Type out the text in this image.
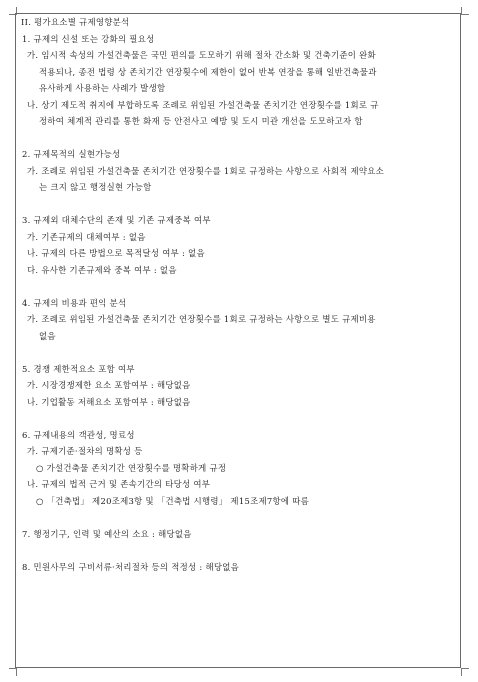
II. 평가요소별 규제영향분석
1. 규제의 신설 또는 강화의 필요성
가. 임시적 속성의 가설건축물은 국민 편의를 도모하기 위해 절차 간소화 및 건축기준이 완화
적용되나, 종전 법령 상 존치기간 연장횟수에 제한이 없어 반복 연장을 통해 일반건축물과
유사하게 사용하는 사례가 발생함
나. 상기 제도적 취지에 부합하도록 조례로 위임된 가설건축물 존치기간 연장횟수를 1회로 규
정하여 체계적 관리를 통한 화재 등 안전사고 예방 및 도시 미관 개선을 도모하고자 함
2. 규제목적의 실현가능성
가. 조례로 위임된 가설건축물 존치기간 연장횟수를 1회로 규정하는 사항으로 사회적 제약요소
는 크지 않고 행정실현 가능함
3. 규제외 대체수단의 존재 및 기존 규제중복 여부
가. 기존규제의 대체여부 : 없음
나. 규제의 다른 방법으로 목적달성 여부 : 없음
다. 유사한 기존규제와 중복 여부 : 없음
4. 규제의 비용과 편익 분석
가. 조례로 위임된 가설건축물 존치기간 연장횟수를 1회로 규정하는 사항으로 별도 규제비용
없음
5. 경쟁 제한적요소 포함 여부
가. 시장경쟁제한 요소 포함여부 : 해당없음
나. 기업활동 저해요소 포함여부 : 해당없음
6. 규제내용의 객관성, 명료성
가. 규제기준·절차의 명확성 등
○ 가설건축물 존치기간 연장횟수를 명확하게 규정
나. 규제의 법적 근거 및 존속기간의 타당성 여부
○ 「건축법」 제20조제3항 및 「건축법 시행령」 제15조제7항에 따름
7. 행정기구, 인력 및 예산의 소요 : 해당없음
8. 민원사무의 구비서류·처리절차 등의 적정성 : 해당없음
